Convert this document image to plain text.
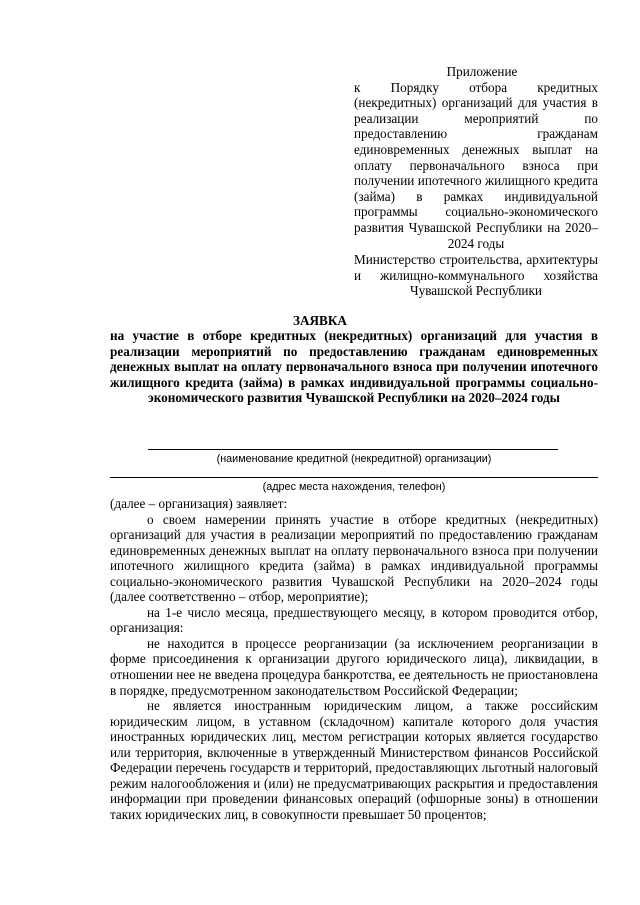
Приложение
к Порядку отбора кредитных (некредитных) организаций для участия в реализации мероприятий по предоставлению гражданам единовременных денежных выплат на оплату первоначального взноса при получении ипотечного жилищного кредита (займа) в рамках индивидуальной программы социально-экономического развития Чувашской Республики на 2020–2024 годы
Министерство строительства, архитектуры и жилищно-коммунального хозяйства Чувашской Республики
ЗАЯВКА
на участие в отборе кредитных (некредитных) организаций для участия в реализации мероприятий по предоставлению гражданам единовременных денежных выплат на оплату первоначального взноса при получении ипотечного жилищного кредита (займа) в рамках индивидуальной программы социально-экономического развития Чувашской Республики на 2020–2024 годы
(наименование кредитной (некредитной) организации)
(адрес места нахождения, телефон)

(далее – организация) заявляет:

о своем намерении принять участие в отборе кредитных (некредитных) организаций для участия в реализации мероприятий по предоставлению гражданам единовременных денежных выплат на оплату первоначального взноса при получении ипотечного жилищного кредита (займа) в рамках индивидуальной программы социально-экономического развития Чувашской Республики на 2020–2024 годы (далее соответственно – отбор, мероприятие);

на 1-е число месяца, предшествующего месяцу, в котором проводится отбор, организация:

не находится в процессе реорганизации (за исключением реорганизации в форме присоединения к организации другого юридического лица), ликвидации, в отношении нее не введена процедура банкротства, ее деятельность не приостановлена в порядке, предусмотренном законодательством Российской Федерации;

не является иностранным юридическим лицом, а также российским юридическим лицом, в уставном (складочном) капитале которого доля участия иностранных юридических лиц, местом регистрации которых является государство или территория, включенные в утвержденный Министерством финансов Российской Федерации перечень государств и территорий, предоставляющих льготный налоговый режим налогообложения и (или) не предусматривающих раскрытия и предоставления информации при проведении финансовых операций (офшорные зоны) в отношении таких юридических лиц, в совокупности превышает 50 процентов;
